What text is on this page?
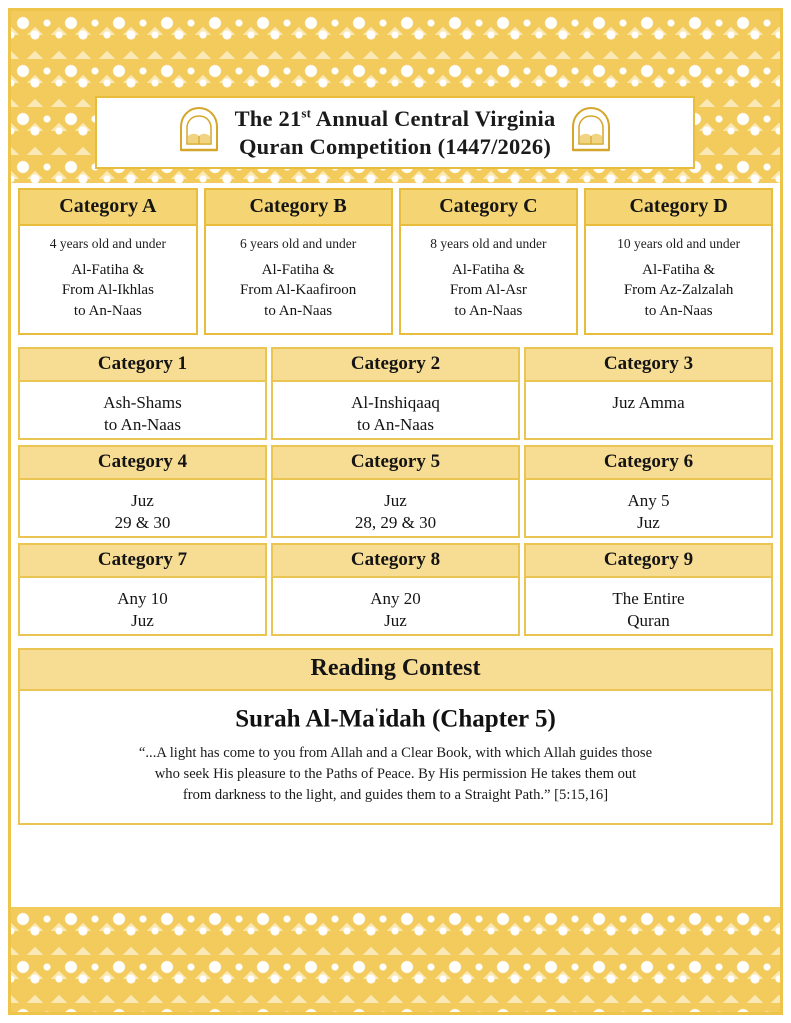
The 21st Annual Central Virginia
Quran Competition (1447/2026)
Category A
4 years old and under
Al-Fatiha &
From Al-Ikhlas
to An-Naas
Category B
6 years old and under
Al-Fatiha &
From Al-Kaafiroon
to An-Naas
Category C
8 years old and under
Al-Fatiha &
From Al-Asr
to An-Naas
Category D
10 years old and under
Al-Fatiha &
From Az-Zalzalah
to An-Naas
Category 1
Ash-Shams
to An-Naas
Category 2
Al-Inshiqaaq
to An-Naas
Category 3
Juz Amma
Category 4
Juz
29 & 30
Category 5
Juz
28, 29 & 30
Category 6
Any 5
Juz
Category 7
Any 10
Juz
Category 8
Any 20
Juz
Category 9
The Entire
Quran
Reading Contest
Surah Al-Ma'idah (Chapter 5)
“...A light has come to you from Allah and a Clear Book, with which Allah guides those
who seek His pleasure to the Paths of Peace. By His permission He takes them out
from darkness to the light, and guides them to a Straight Path.” [5:15,16]
